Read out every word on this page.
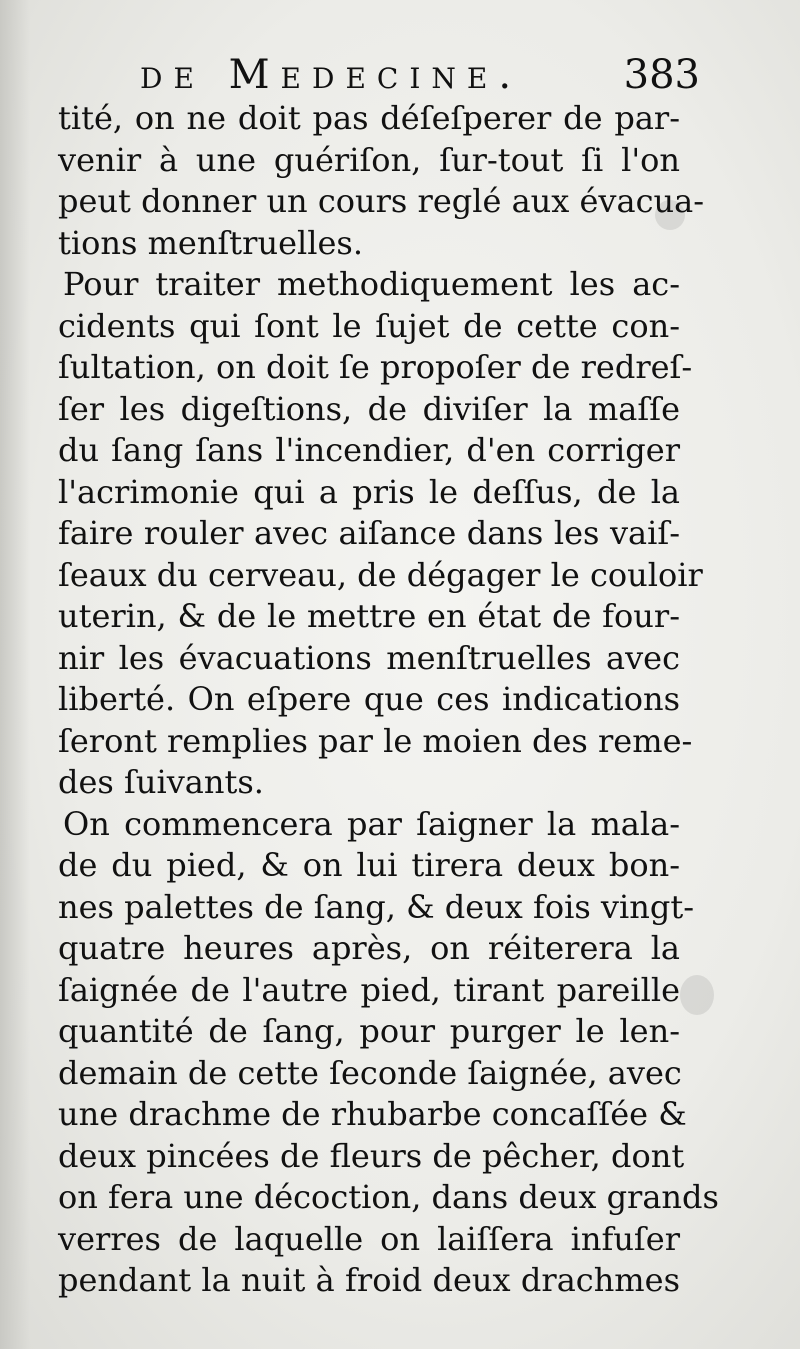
de Medecine.	383
tité, on ne doit pas déſeſperer de par-
venir à une guériſon, ſur-tout ſi l'on
peut donner un cours reglé aux évacua-
tions menſtruelles.
Pour traiter methodiquement les ac-
cidents qui ſont le ſujet de cette con-
ſultation, on doit ſe propoſer de redreſ-
ſer les digeſtions, de diviſer la maſſe
du ſang ſans l'incendier, d'en corriger
l'acrimonie qui a pris le deſſus, de la
faire rouler avec aiſance dans les vaiſ-
ſeaux du cerveau, de dégager le couloir
uterin, & de le mettre en état de four-
nir les évacuations menſtruelles avec
liberté. On eſpere que ces indications
ſeront remplies par le moien des reme-
des ſuivants.
On commencera par ſaigner la mala-
de du pied, & on lui tirera deux bon-
nes palettes de ſang, & deux fois vingt-
quatre heures après, on réiterera la
ſaignée de l'autre pied, tirant pareille
quantité de ſang, pour purger le len-
demain de cette ſeconde ſaignée, avec
une drachme de rhubarbe concaſſée &
deux pincées de fleurs de pêcher, dont
on fera une décoction, dans deux grands
verres de laquelle on laiſſera infuſer
pendant la nuit à froid deux drachmes
